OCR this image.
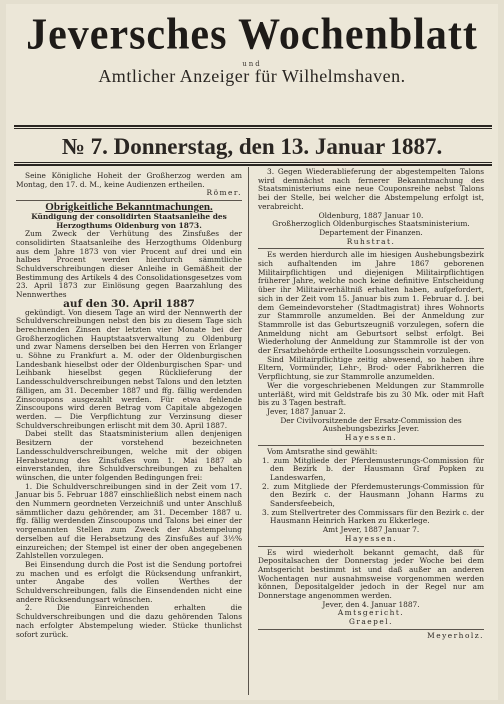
Jeversches Wochenblatt
und
Amtlicher Anzeiger für Wilhelmshaven.
№ 7. Donnerstag, den 13. Januar 1887.

Seine Königliche Hoheit der Großherzog werden am Montag, den 17. d. M., keine Audienzen ertheilen.

Römer.

Obrigkeitliche Bekanntmachungen.

Kündigung der consolidirten Staatsanleihe des Herzogthums Oldenburg von 1873.

Zum Zweck der Verhütung des Zinsfußes der consolidirten Staatsanleihe des Herzogthums Oldenburg aus dem Jahre 1873 von vier Procent auf drei und ein halbes Procent werden hierdurch sämmtliche Schuldverschreibungen dieser Anleihe in Gemäßheit der Bestimmung des Artikels 4 des Consolidationsgesetzes vom 23. April 1873 zur Einlösung gegen Baarzahlung des Nennwerthes

auf den 30. April 1887

gekündigt. Von diesem Tage an wird der Nennwerth der Schuldverschreibungen nebst den bis zu diesem Tage sich berechnenden Zinsen der letzten vier Monate bei der Großherzoglichen Hauptstaatsverwaltung zu Oldenburg und zwar Namens derselben bei den Herren von Erlanger u. Söhne zu Frankfurt a. M. oder der Oldenburgischen Landesbank hieselbst oder der Oldenburgischen Spar- und Leihbank hieselbst gegen Rücklieferung der Landesschuldverschreibungen nebst Talons und den letzten fälligen, am 31. December 1887 und ffg. fällig werdenden Zinscoupons ausgezahlt werden. Für etwa fehlende Zinscoupons wird deren Betrag vom Capitale abgezogen werden. — Die Verpflichtung zur Verzinsung dieser Schuldverschreibungen erlischt mit dem 30. April 1887.

Dabei stellt das Staatsministerium allen denjenigen Besitzern der vorstehend bezeichneten Landesschuldverschreibungen, welche mit der obigen Herabsetzung des Zinsfußes vom 1. Mai 1887 ab einverstanden, ihre Schuldverschreibungen zu behalten wünschen, die unter folgenden Bedingungen frei:

1. Die Schuldverschreibungen sind in der Zeit vom 17. Januar bis 5. Februar 1887 einschließlich nebst einem nach den Nummern geordneten Verzeichniß und unter Anschluß sämmtlicher dazu gehörender, am 31. December 1887 u. ffg. fällig werdenden Zinscoupons und Talons bei einer der vorgenannten Stellen zum Zweck der Abstempelung derselben auf die Herabsetzung des Zinsfußes auf 3½% einzureichen; der Stempel ist einer der oben angegebenen Zahlstellen vorzulegen.

Bei Einsendung durch die Post ist die Sendung portofrei zu machen und es erfolgt die Rücksendung unfrankirt, unter Angabe des vollen Werthes der Schuldverschreibungen, falls die Einsendenden nicht eine andere Rücksendungsart wünschen.

2. Die Einreichenden erhalten die Schuldverschreibungen und die dazu gehörenden Talons nach erfolgter Abstempelung wieder. Stücke thunlichst sofort zurück.

3. Gegen Wiederablieferung der abgestempelten Talons wird demnächst nach fernerer Bekanntmachung des Staatsministeriums eine neue Couponsreihe nebst Talons bei der Stelle, bei welcher die Abstempelung erfolgt ist, verabreicht.

Oldenburg, 1887 Januar 10.

Großherzoglich Oldenburgisches Staatsministerium.

Departement der Finanzen.

Ruhstrat.

Es werden hierdurch alle im hiesigen Aushebungsbezirk sich aufhaltenden im Jahre 1867 geborenen Militairpflichtigen und diejenigen Militairpflichtigen früherer Jahre, welche noch keine definitive Entscheidung über ihr Militairverhältniß erhalten haben, aufgefordert, sich in der Zeit vom 15. Januar bis zum 1. Februar d. J. bei dem Gemeindevorsteher (Stadtmagistrat) ihres Wohnorts zur Stammrolle anzumelden. Bei der Anmeldung zur Stammrolle ist das Geburtszeugniß vorzulegen, sofern die Anmeldung nicht am Geburtsort selbst erfolgt. Bei Wiederholung der Anmeldung zur Stammrolle ist der von der Ersatzbehörde ertheilte Loosungsschein vorzulegen.

Sind Militairpflichtige zeitig abwesend, so haben ihre Eltern, Vormünder, Lehr-, Brod- oder Fabrikherren die Verpflichtung, sie zur Stammrolle anzumelden.

Wer die vorgeschriebenen Meldungen zur Stammrolle unterläßt, wird mit Geldstrafe bis zu 30 Mk. oder mit Haft bis zu 3 Tagen bestraft.

Jever, 1887 Januar 2.

Der Civilvorsitzende der Ersatz-Commission des Aushebungsbezirks Jever.

Hayessen.

Vom Amtsrathe sind gewählt:

1. zum Mitgliede der Pferdemusterungs-Commission für den Bezirk b. der Hausmann Graf Popken zu Landeswarfen,

2. zum Mitgliede der Pferdemusterungs-Commission für den Bezirk c. der Hausmann Johann Harms zu Sandersfeebeich,

3. zum Stellvertreter des Commissars für den Bezirk c. der Hausmann Heinrich Harken zu Ekkerlege.

Amt Jever, 1887 Januar 7.

Hayessen.

Es wird wiederholt bekannt gemacht, daß für Depositalsachen der Donnerstag jeder Woche bei dem Amtsgericht bestimmt ist und daß außer an anderen Wochentagen nur ausnahmsweise vorgenommen werden können, Depositalgelder jedoch in der Regel nur am Donnerstage angenommen werden.

Jever, den 4. Januar 1887.

Amtsgericht.

Graepel.

Meyerholz.
